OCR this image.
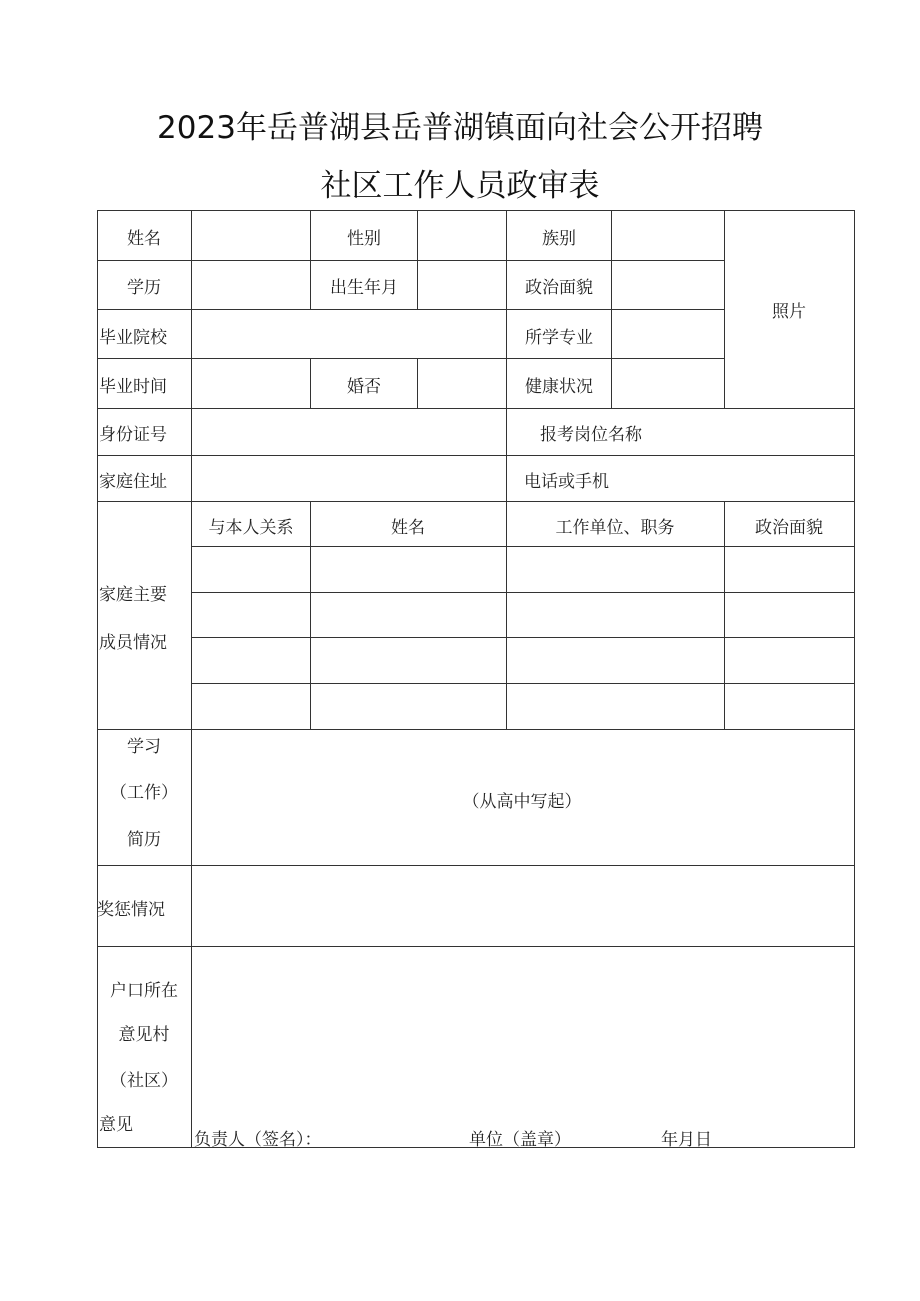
2023年岳普湖县岳普湖镇面向社会公开招聘
社区工作人员政审表
姓名	性别	族别
照片
学历	出生年月	政治面貌
毕业院校	所学专业
毕业时间	婚否	健康状况
身份证号	报考岗位名称
家庭住址	电话或手机
家庭主要
成员情况
与本人关系	姓名	工作单位、职务	政治面貌
学习
（工作）
简历
（从高中写起）
奖惩情况
户口所在
意见村
（社区）
意见
负责人（签名）：	单位（盖章）	年月日
